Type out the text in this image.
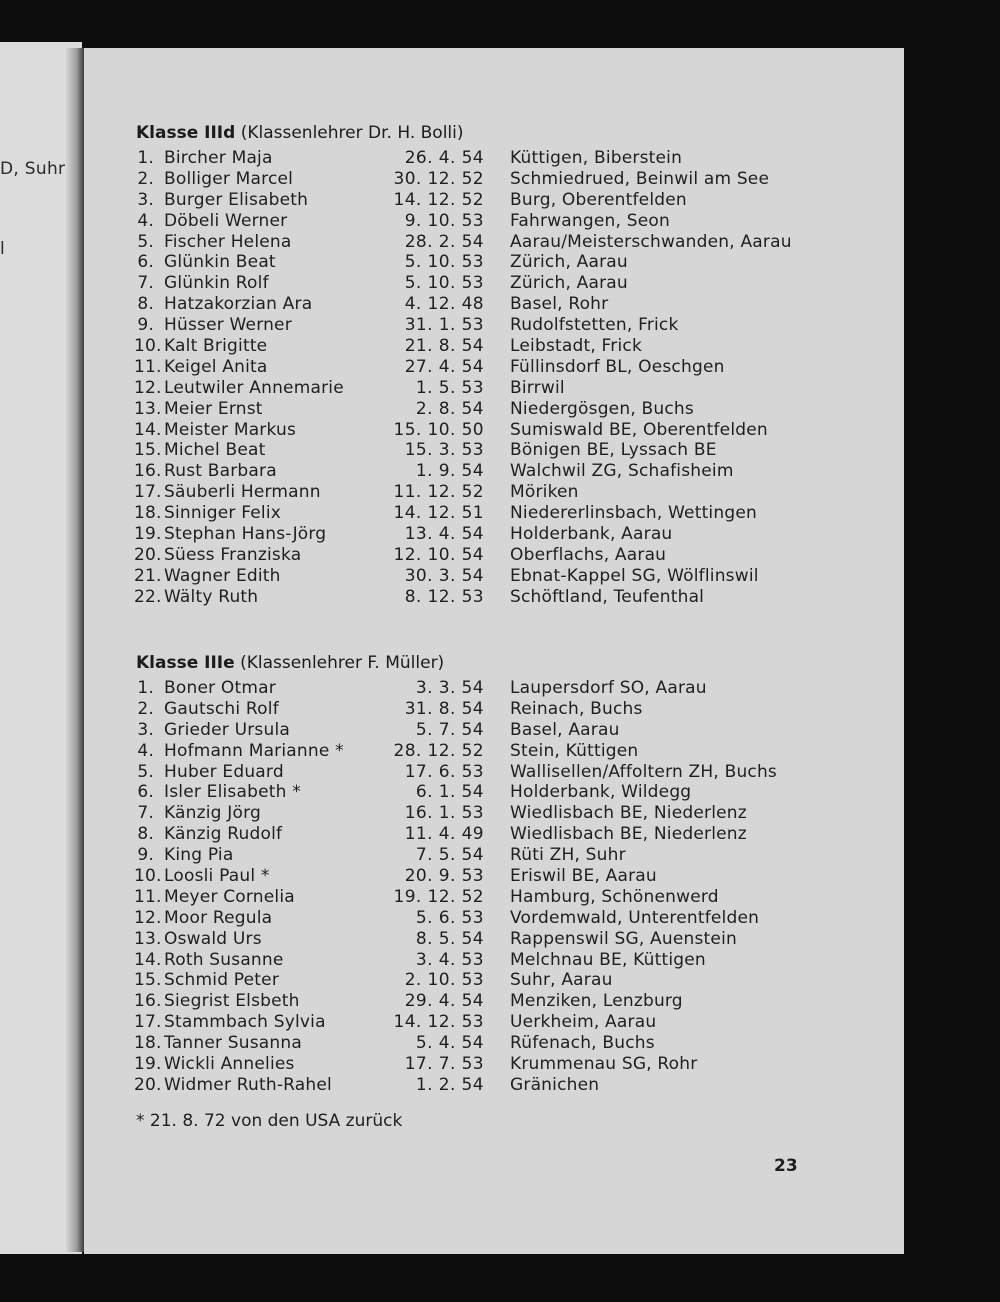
D, Suhr
l
Klasse IIId (Klassenlehrer Dr. H. Bolli)
1. Bircher Maja	26. 4. 54 Küttigen, Biberstein
2. Bolliger Marcel	30. 12. 52 Schmiedrued, Beinwil am See
3. Burger Elisabeth	14. 12. 52 Burg, Oberentfelden
4. Döbeli Werner	9. 10. 53 Fahrwangen, Seon
5. Fischer Helena	28. 2. 54 Aarau/Meisterschwanden, Aarau
6. Glünkin Beat	5. 10. 53 Zürich, Aarau
7. Glünkin Rolf	5. 10. 53 Zürich, Aarau
8. Hatzakorzian Ara	4. 12. 48 Basel, Rohr
9. Hüsser Werner	31. 1. 53 Rudolfstetten, Frick
10. Kalt Brigitte	21. 8. 54 Leibstadt, Frick
11. Keigel Anita	27. 4. 54 Füllinsdorf BL, Oeschgen
12. Leutwiler Annemarie	1. 5. 53 Birrwil
13. Meier Ernst	2. 8. 54 Niedergösgen, Buchs
14. Meister Markus	15. 10. 50 Sumiswald BE, Oberentfelden
15. Michel Beat	15. 3. 53 Bönigen BE, Lyssach BE
16. Rust Barbara	1. 9. 54 Walchwil ZG, Schafisheim
17. Säuberli Hermann	11. 12. 52 Möriken
18. Sinniger Felix	14. 12. 51 Niedererlinsbach, Wettingen
19. Stephan Hans-Jörg	13. 4. 54 Holderbank, Aarau
20. Süess Franziska	12. 10. 54 Oberflachs, Aarau
21. Wagner Edith	30. 3. 54 Ebnat-Kappel SG, Wölflinswil
22. Wälty Ruth	8. 12. 53 Schöftland, Teufenthal
Klasse IIIe (Klassenlehrer F. Müller)
1. Boner Otmar	3. 3. 54 Laupersdorf SO, Aarau
2. Gautschi Rolf	31. 8. 54 Reinach, Buchs
3. Grieder Ursula	5. 7. 54 Basel, Aarau
4. Hofmann Marianne *	28. 12. 52 Stein, Küttigen
5. Huber Eduard	17. 6. 53 Wallisellen/Affoltern ZH, Buchs
6. Isler Elisabeth *	6. 1. 54 Holderbank, Wildegg
7. Känzig Jörg	16. 1. 53 Wiedlisbach BE, Niederlenz
8. Känzig Rudolf	11. 4. 49 Wiedlisbach BE, Niederlenz
9. King Pia	7. 5. 54 Rüti ZH, Suhr
10. Loosli Paul *	20. 9. 53 Eriswil BE, Aarau
11. Meyer Cornelia	19. 12. 52 Hamburg, Schönenwerd
12. Moor Regula	5. 6. 53 Vordemwald, Unterentfelden
13. Oswald Urs	8. 5. 54 Rappenswil SG, Auenstein
14. Roth Susanne	3. 4. 53 Melchnau BE, Küttigen
15. Schmid Peter	2. 10. 53 Suhr, Aarau
16. Siegrist Elsbeth	29. 4. 54 Menziken, Lenzburg
17. Stammbach Sylvia	14. 12. 53 Uerkheim, Aarau
18. Tanner Susanna	5. 4. 54 Rüfenach, Buchs
19. Wickli Annelies	17. 7. 53 Krummenau SG, Rohr
20. Widmer Ruth-Rahel	1. 2. 54 Gränichen
* 21. 8. 72 von den USA zurück
23
